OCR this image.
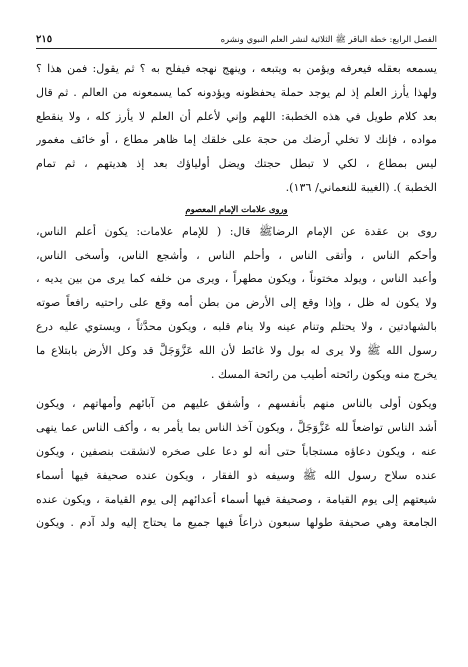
الفصل الرابع: خطة الباقر ﷺ الثلاثية لنشر العلم النبوي ونشره
٢١٥

يسمعه بعقله فيعرفه ويؤمن به ويتبعه ، وينهج نهجه فيفلح به ؟ ثم يقول: فمن هذا ؟
ولهذا يأرز العلم إذ لم يوجد حملة يحفظونه ويؤدونه كما يسمعونه من العالم . ثم قال
بعد كلام طويل في هذه الخطبة: اللهم وإني لأعلم أن العلم لا يأرز كله ، ولا ينقطع
مواده ، فإنك لا تخلي أرضك من حجة على خلقك إما ظاهر مطاع ، أو خائف مغمور
ليس بمطاع ، لكي لا تبطل حجتك ويضل أولياؤك بعد إذ هديتهم ، ثم تمام
الخطبة ). (الغيبة للنعماني/ ١٣٦).

وروى علامات الإمام المعصوم

روى بن عقدة عن الإمام الرضاﷺ قال: ( للإمام علامات: يكون أعلم الناس،
وأحكم الناس ، وأتقى الناس ، وأحلم الناس ، وأشجع الناس، وأسخى الناس،
وأعبد الناس ، ويولد مختوناً ، ويكون مطهراً ، ويرى من خلفه كما يرى من بين يديه ،
ولا يكون له ظل ، وإذا وقع إلى الأرض من بطن أمه وقع على راحتيه رافعاً صوته
بالشهادتين ، ولا يحتلم وتنام عينه ولا ينام قلبه ، ويكون محدَّثاً ، ويستوي عليه درع
رسول الله ﷺ ولا يرى له بول ولا غائط لأن الله عَزَّوَجَلَّ قد وكل الأرض بابتلاع ما
يخرج منه ويكون رائحته أطيب من رائحة المسك .

ويكون أولى بالناس منهم بأنفسهم ، وأشفق عليهم من آبائهم وأمهاتهم ، ويكون
أشد الناس تواضعاً لله عَزَّوَجَلَّ ، ويكون آخذ الناس بما يأمر به ، وأكف الناس عما ينهى
عنه ، ويكون دعاؤه مستجاباً حتى أنه لو دعا على صخره لانشقت بنصفين ، ويكون
عنده سلاح رسول الله ﷺ وسيفه ذو الفقار ، ويكون عنده صحيفة فيها أسماء
شيعتهم إلى يوم القيامة ، وصحيفة فيها أسماء أعدائهم إلى يوم القيامة ، ويكون عنده
الجامعة وهي صحيفة طولها سبعون ذراعاً فيها جميع ما يحتاج إليه ولد آدم . ويكون
